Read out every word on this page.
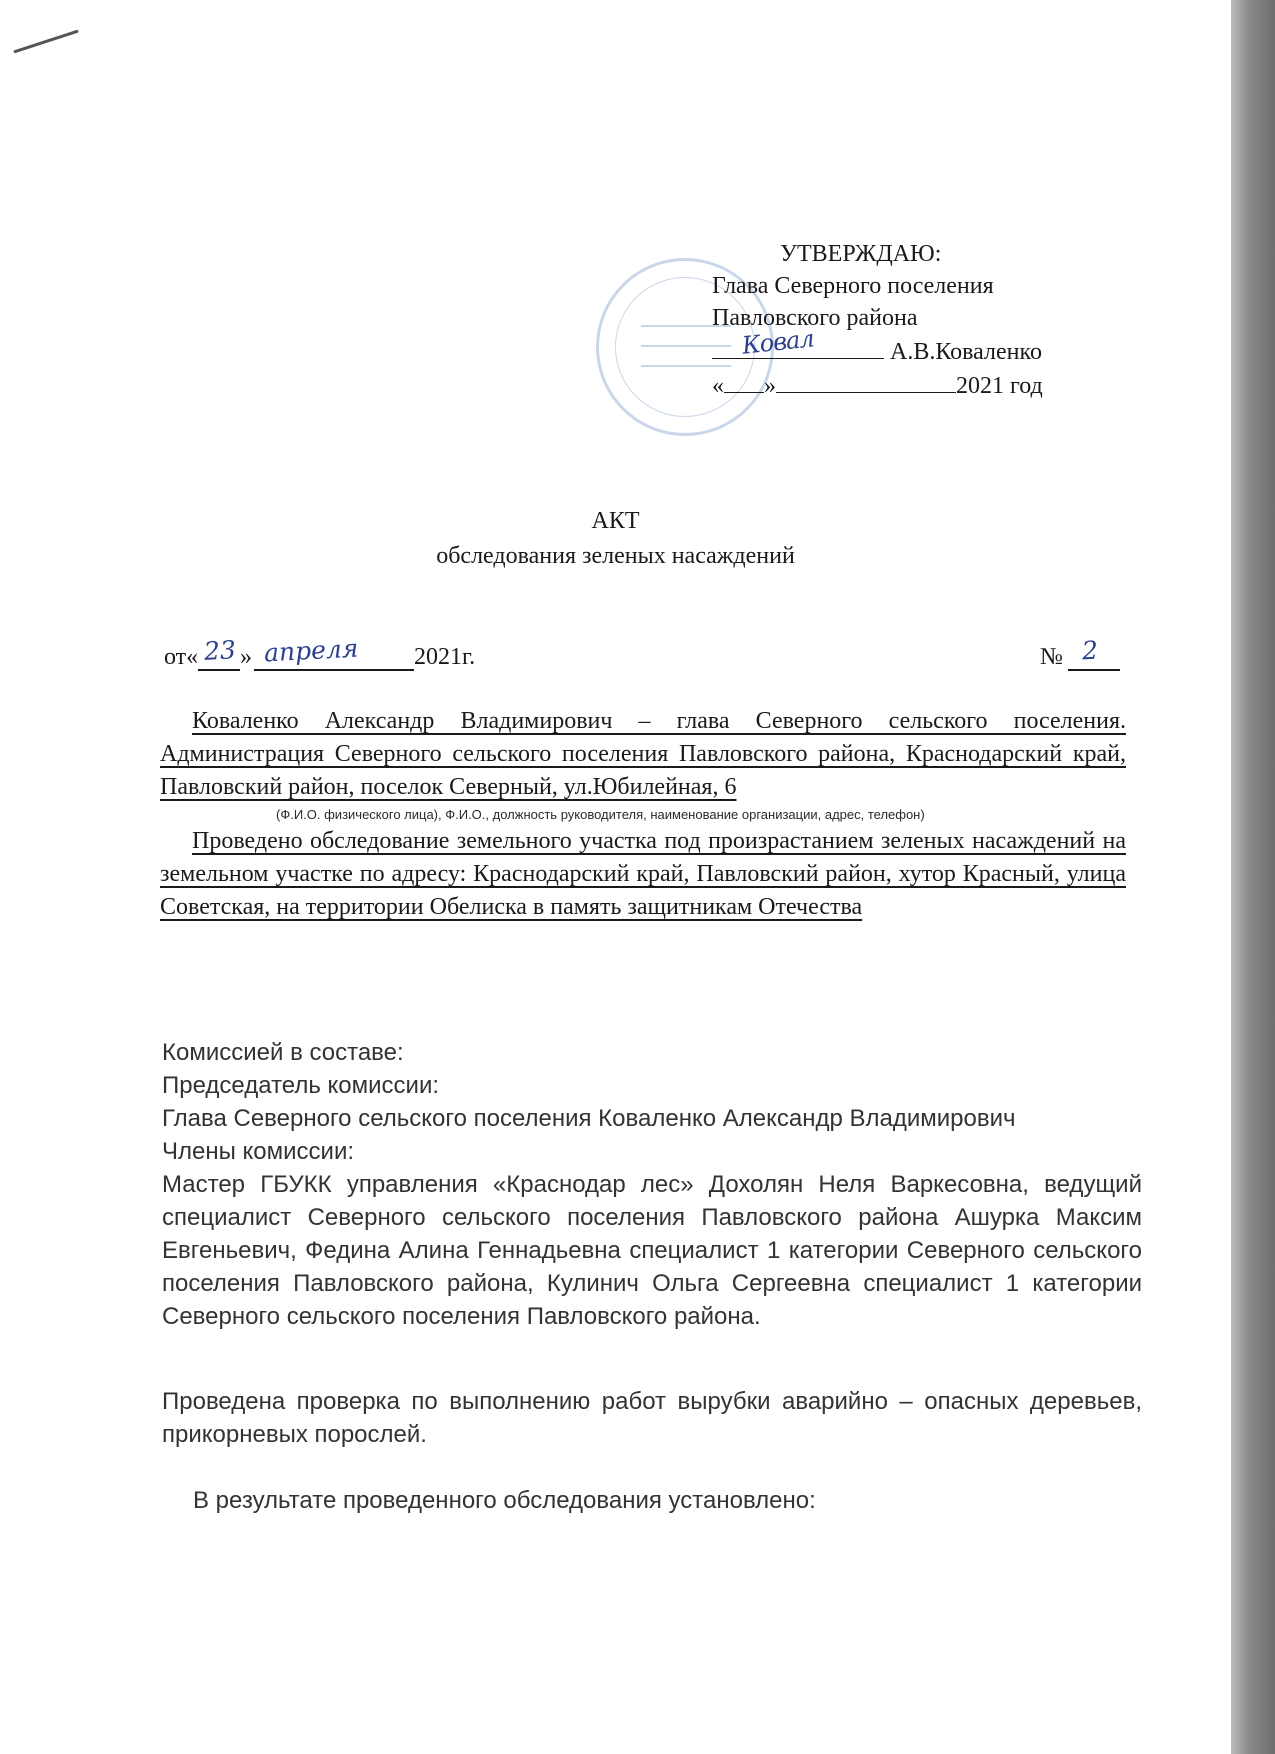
УТВЕРЖДАЮ:
Глава Северного поселения
Павловского района
Ковал	А.В.Коваленко
« »	2021 год
АКТ
обследования зеленых насаждений
от« 23 » апреля 2021г.	№ 2
Коваленко Александр Владимирович – глава Северного сельского поселения. Администрация Северного сельского поселения Павловского района, Краснодарский край, Павловский район, поселок Северный, ул.Юбилейная, 6
(Ф.И.О. физического лица), Ф.И.О., должность руководителя, наименование организации, адрес, телефон)
Проведено обследование земельного участка под произрастанием зеленых насаждений на земельном участке по адресу: Краснодарский край, Павловский район, хутор Красный, улица Советская, на территории Обелиска в память защитникам Отечества
Комиссией в составе:
Председатель комиссии:
Глава Северного сельского поселения Коваленко Александр Владимирович
Члены комиссии:
Мастер ГБУКК управления «Краснодар лес» Дохолян Неля Варкесовна, ведущий специалист Северного сельского поселения Павловского района Ашурка Максим Евгеньевич, Федина Алина Геннадьевна специалист 1 категории Северного сельского поселения Павловского района, Кулинич Ольга Сергеевна специалист 1 категории Северного сельского поселения Павловского района.
Проведена проверка по выполнению работ вырубки аварийно – опасных деревьев, прикорневых порослей.
В результате проведенного обследования установлено:
